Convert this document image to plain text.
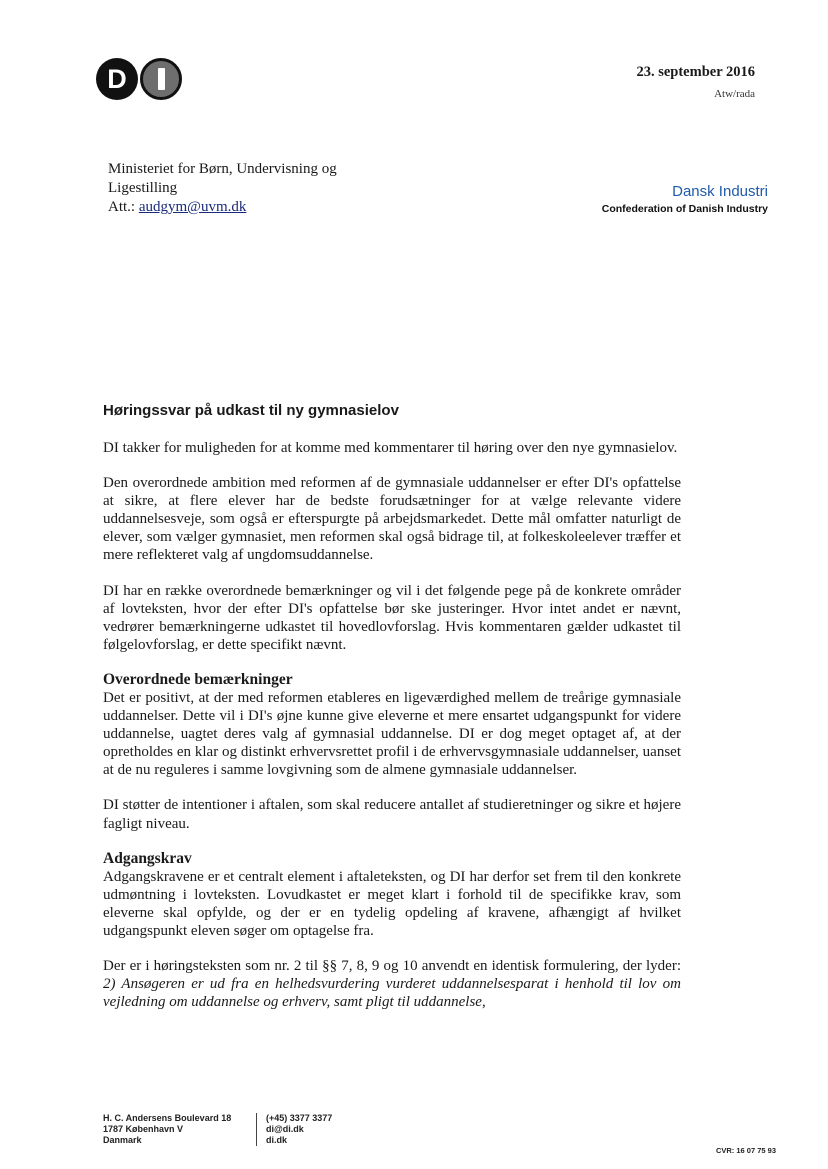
D	23. september 2016
Atw/rada
Ministeriet for Børn, Undervisning og
Ligestilling
Att.: audgym@uvm.dk
Dansk Industri
Confederation of Danish Industry
Høringssvar på udkast til ny gymnasielov

DI takker for muligheden for at komme med kommentarer til høring over den nye gymnasielov.

Den overordnede ambition med reformen af de gymnasiale uddannelser er efter DI's opfattelse at sikre, at flere elever har de bedste forudsætninger for at vælge relevante videre uddannelsesveje, som også er efterspurgte på arbejdsmarkedet. Dette mål omfatter naturligt de elever, som vælger gymnasiet, men reformen skal også bidrage til, at folkeskoleelever træffer et mere reflekteret valg af ungdomsuddannelse.

DI har en række overordnede bemærkninger og vil i det følgende pege på de konkrete områder af lovteksten, hvor der efter DI's opfattelse bør ske justeringer. Hvor intet andet er nævnt, vedrører bemærkningerne udkastet til hovedlovforslag. Hvis kommentaren gælder udkastet til følgelovforslag, er dette specifikt nævnt.

Overordnede bemærkninger

Det er positivt, at der med reformen etableres en ligeværdighed mellem de treårige gymnasiale uddannelser. Dette vil i DI's øjne kunne give eleverne et mere ensartet udgangspunkt for videre uddannelse, uagtet deres valg af gymnasial uddannelse. DI er dog meget optaget af, at der opretholdes en klar og distinkt erhvervsrettet profil i de erhvervsgymnasiale uddannelser, uanset at de nu reguleres i samme lovgivning som de almene gymnasiale uddannelser.

DI støtter de intentioner i aftalen, som skal reducere antallet af studieretninger og sikre et højere fagligt niveau.

Adgangskrav

Adgangskravene er et centralt element i aftaleteksten, og DI har derfor set frem til den konkrete udmøntning i lovteksten. Lovudkastet er meget klart i forhold til de specifikke krav, som eleverne skal opfylde, og der er en tydelig opdeling af kravene, afhængigt af hvilket udgangspunkt eleven søger om optagelse fra.

Der er i høringsteksten som nr. 2 til §§ 7, 8, 9 og 10 anvendt en identisk formulering, der lyder: 2) Ansøgeren er ud fra en helhedsvurdering vurderet uddannelsesparat i henhold til lov om vejledning om uddannelse og erhverv, samt pligt til uddannelse,

H. C. Andersens Boulevard 18
1787 København V
Danmark
(+45) 3377 3377
di@di.dk
di.dk
CVR: 16 07 75 93
